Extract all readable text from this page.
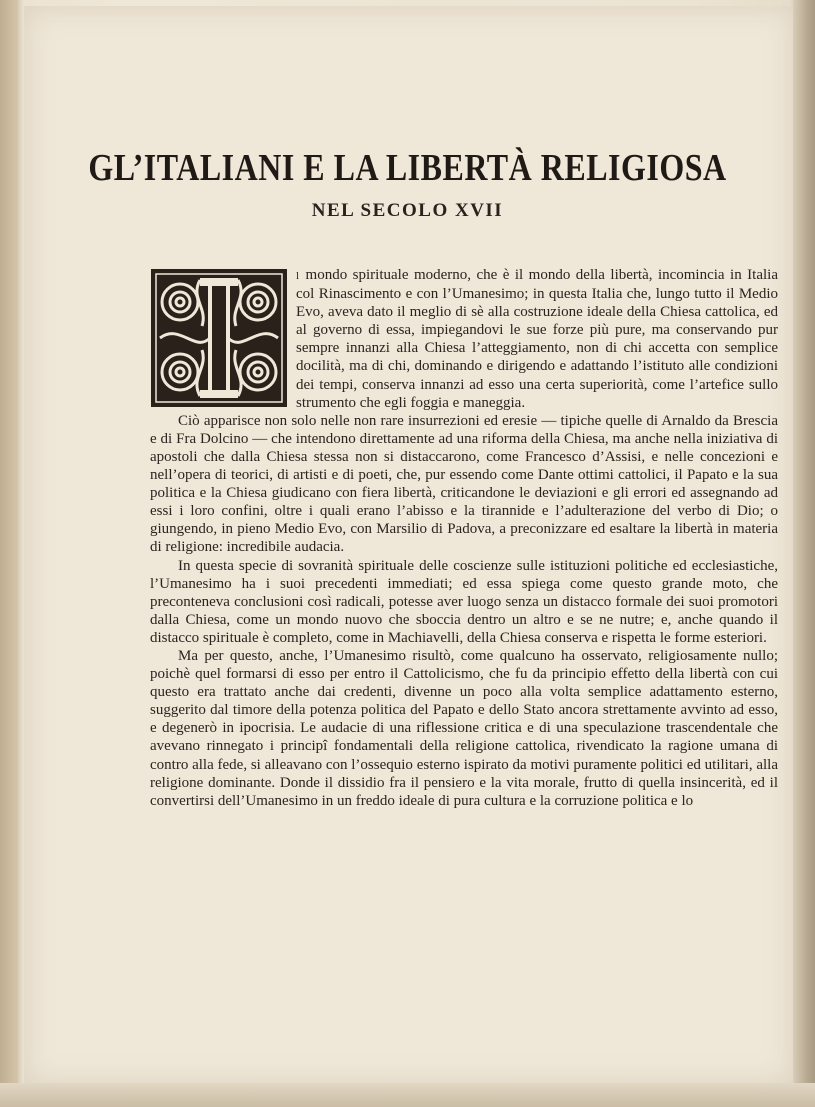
GL’ITALIANI E LA LIBERTÀ RELIGIOSA
NEL SECOLO XVII

l mondo spirituale moderno, che è il mondo della libertà, incomincia in Italia col Rinascimento e con l’Umanesimo; in questa Italia che, lungo tutto il Medio Evo, aveva dato il meglio di sè alla costruzione ideale della Chiesa cattolica, ed al governo di essa, impiegandovi le sue forze più pure, ma conservando pur sempre innanzi alla Chiesa l’atteggiamento, non di chi accetta con semplice docilità, ma di chi, dominando e dirigendo e adattando l’istituto alle condizioni dei tempi, conserva innanzi ad esso una certa superiorità, come l’artefice sullo strumento che egli foggia e maneggia.

Ciò apparisce non solo nelle non rare insurrezioni ed eresie — tipiche quelle di Arnaldo da Brescia e di Fra Dolcino — che intendono direttamente ad una riforma della Chiesa, ma anche nella iniziativa di apostoli che dalla Chiesa stessa non si distaccarono, come Francesco d’Assisi, e nelle concezioni e nell’opera di teorici, di artisti e di poeti, che, pur essendo come Dante ottimi cattolici, il Papato e la sua politica e la Chiesa giudicano con fiera libertà, criticandone le deviazioni e gli errori ed assegnando ad essi i loro confini, oltre i quali erano l’abisso e la tirannide e l’adulterazione del verbo di Dio; o giungendo, in pieno Medio Evo, con Marsilio di Padova, a preconizzare ed esaltare la libertà in materia di religione: incredibile audacia.

In questa specie di sovranità spirituale delle coscienze sulle istituzioni politiche ed ecclesiastiche, l’Umanesimo ha i suoi precedenti immediati; ed essa spiega come questo grande moto, che preconteneva conclusioni così radicali, potesse aver luogo senza un distacco formale dei suoi promotori dalla Chiesa, come un mondo nuovo che sboccia dentro un altro e se ne nutre; e, anche quando il distacco spirituale è completo, come in Machiavelli, della Chiesa conserva e rispetta le forme esteriori.

Ma per questo, anche, l’Umanesimo risultò, come qualcuno ha osservato, religiosamente nullo; poichè quel formarsi di esso per entro il Cattolicismo, che fu da principio effetto della libertà con cui questo era trattato anche dai credenti, divenne un poco alla volta semplice adattamento esterno, suggerito dal timore della potenza politica del Papato e dello Stato ancora strettamente avvinto ad esso, e degenerò in ipocrisia. Le audacie di una riflessione critica e di una speculazione trascendentale che avevano rinnegato i principî fondamentali della religione cattolica, rivendicato la ragione umana di contro alla fede, si alleavano con l’ossequio esterno ispirato da motivi puramente politici ed utilitari, alla religione dominante. Donde il dissidio fra il pensiero e la vita morale, frutto di quella insincerità, ed il convertirsi dell’Umanesimo in un freddo ideale di pura cultura e la corruzione politica e lo
